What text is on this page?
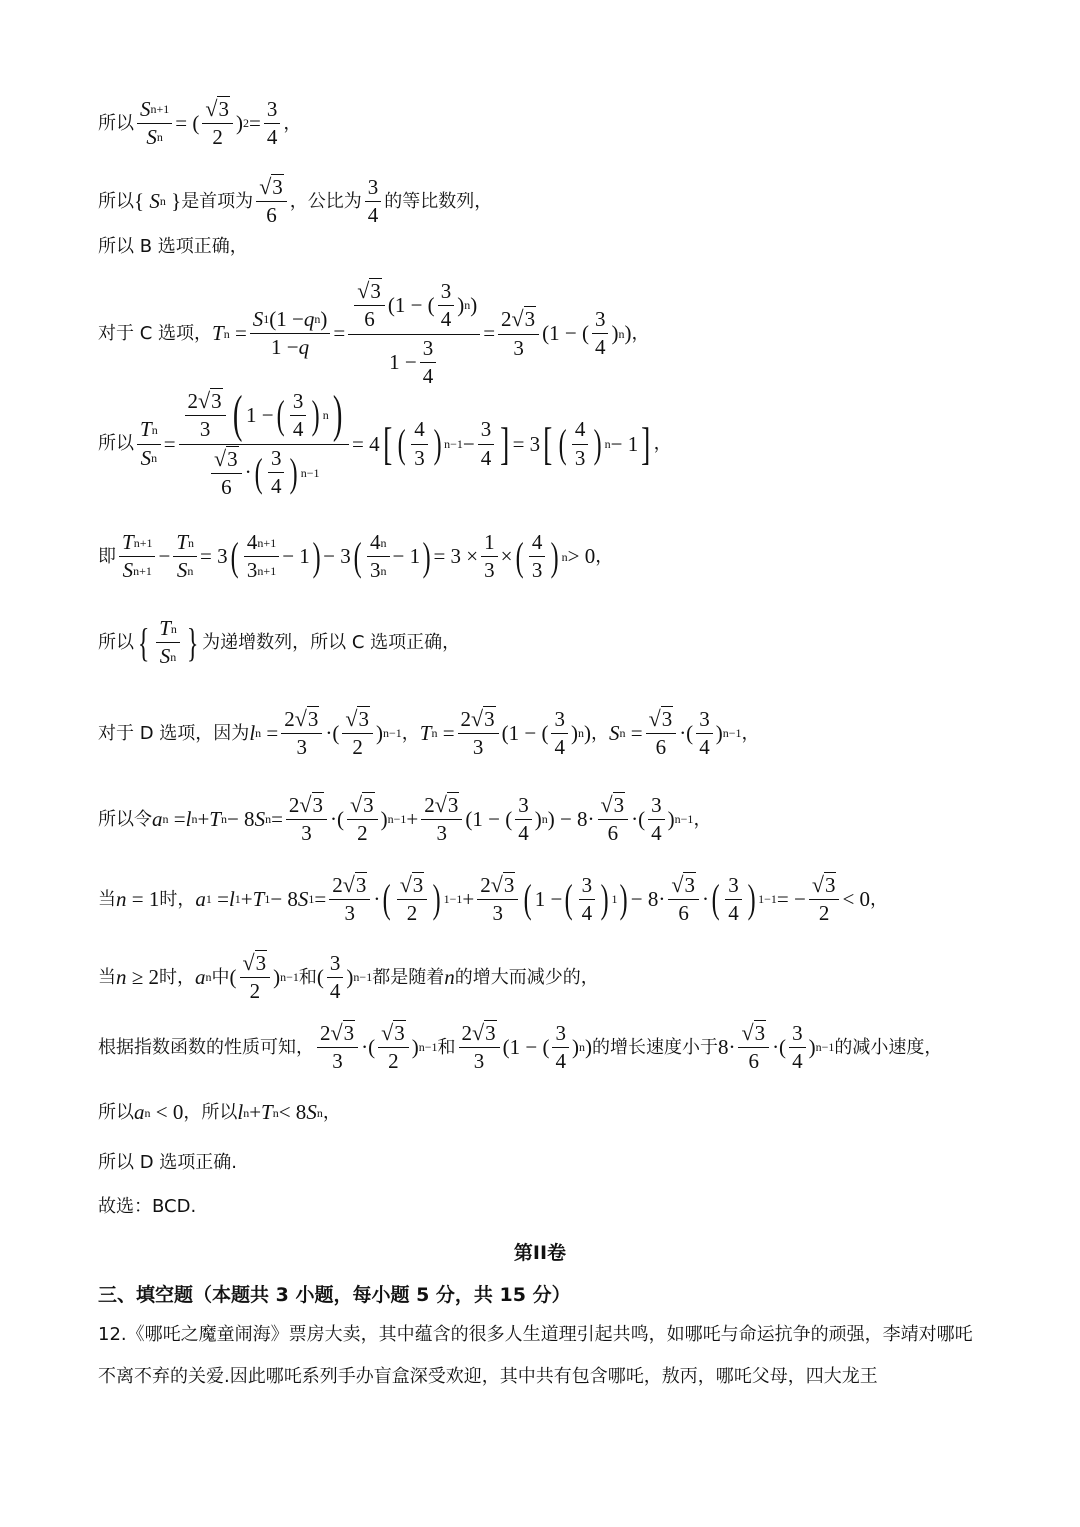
所以 $\frac{\text{S n+1}}{\text{S n}}$ = ( $\frac{√ 3}{2}$ ) $2 = \frac{3}{4}$ ，
所以 { S n } 是首项为 $\frac{√ 3}{6}$ ，公比为 $\frac{3}{4}$ 的等比数列，
所以 B 选项正确，
对于 C 选项， T $n = \frac{\text{S 1 (1 − q n )}}{1 - q} = \frac{\frac{√ 3}{6} (1 - ( \frac{3}{4} ) n )}{1 - \frac{3}{4}} = \frac{2 √ 3}{3} (1$ − ( $\frac{3}{4}$ ) n ) ，
所以 $\frac{\text{T n}}{\text{S n}} = \frac{\frac{2 √ 3}{3} ( 1 - ( \frac{3}{4} ) n )}{\frac{√ 3}{6} \cdot ( \frac{3}{4} ) n-1} = 4$ [ ( $\frac{4}{3}$ ) $n-1 - \frac{3}{4}$ ] = 3 [ ( $\frac{4}{3}$ ) n − 1 ] ，
即 $\frac{\text{T n+1}}{\text{S n+1}} - \frac{\text{T n}}{\text{S n}} = 3$ ( $\frac{4 n+1}{3 n+1} - 1$ ) − 3 ( $\frac{4 n}{3 n} - 1$ ) = $3 \times \frac{1}{3}$ × ( $\frac{4}{3}$ ) n > 0 ，
所以 { $\frac{\text{T n}}{\text{S n}}$ } 为递增数列，所以 C 选项正确，
对于 D 选项，因为 l $n = \frac{2 √ 3}{3}$ ·( $\frac{√ 3}{2}$ ) n−1 ， T $n = \frac{2 √ 3}{3} (1$ − ( $\frac{3}{4}$ ) n ) ， S $n = \frac{√ 3}{6}$ ·( $\frac{3}{4}$ ) n−1 ，
所以令 a n = l n + T n − 8 S $n = \frac{2 √ 3}{3}$ ·( $\frac{√ 3}{2}$ ) $n-1 + \frac{2 √ 3}{3} (1$ − ( $\frac{3}{4}$ ) n ) − $8\cdot \frac{√ 3}{6}$ ·( $\frac{3}{4}$ ) n−1 ，
当 n = 1 时， a 1 = l 1 + T 1 − 8 S $1 = \frac{2 √ 3}{3}$ · ( $\frac{√ 3}{2}$ ) $1-1 + \frac{2 √ 3}{3}$ ( 1 − ( $\frac{3}{4}$ ) 1 ) − $8\cdot \frac{√ 3}{6}$ · ( $\frac{3}{4}$ ) 1−1 = − $\frac{√ 3}{2} < 0$ ，
当 n ≥ 2 时， a n 中 ( $\frac{√ 3}{2}$ ) n−1 和 ( $\frac{3}{4}$ ) n−1 都是随着 n 的增大而减少的，
根据指数函数的性质可知， $\frac{2 √ 3}{3}$ ·( $\frac{√ 3}{2}$ ) n−1 和 $\frac{2 √ 3}{3} (1$ − ( $\frac{3}{4}$ ) n ) 的增长速度小于 $8\cdot \frac{√ 3}{6}$ ·( $\frac{3}{4}$ ) n−1 的减小速度，
所以 a n < 0 ，所以 l n + T n < 8 S n ，
所以 D 选项正确.
故选：BCD.
第II卷
三、填空题（本题共 3 小题，每小题 5 分，共 15 分）
12.《哪吒之魔童闹海》票房大卖，其中蕴含的很多人生道理引起共鸣，如哪吒与命运抗争的顽强，李靖对哪吒不离不弃的关爱.因此哪吒系列手办盲盒深受欢迎，其中共有包含哪吒，敖丙，哪吒父母，四大龙王
